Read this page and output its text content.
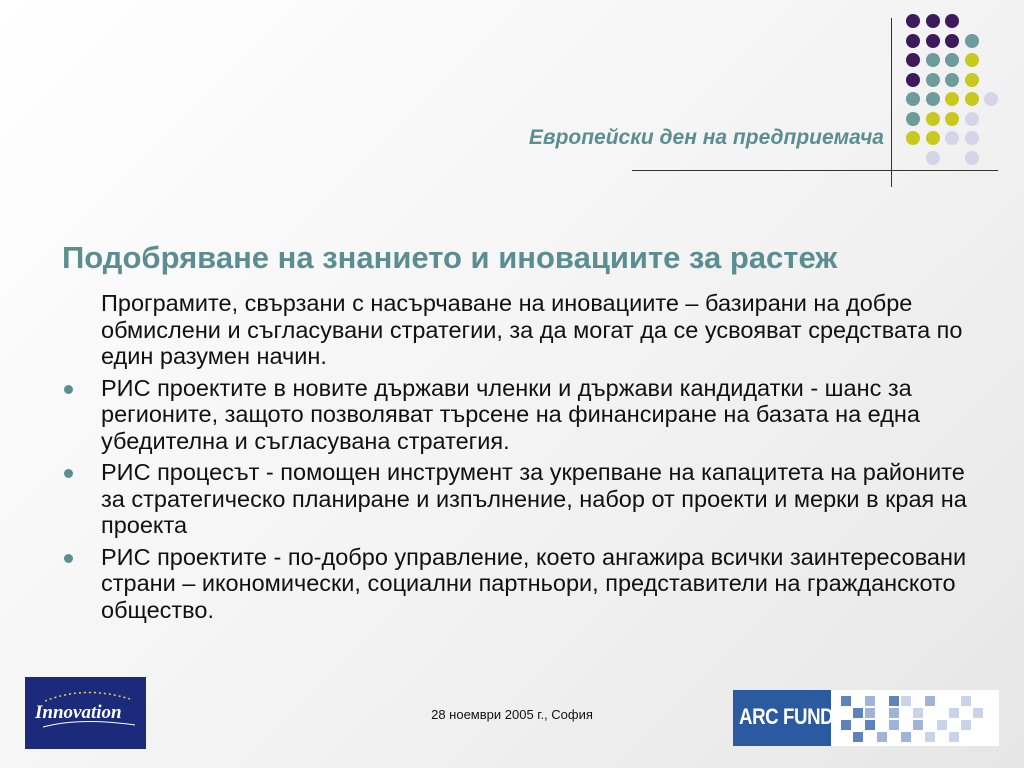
Европейски ден на предприемача
Подобряване на знанието и иновациите за растеж
Програмите, свързани с насърчаване на иновациите – базирани на добре обмислени и съгласувани стратегии, за да могат да се усвояват средствата по един разумен начин.
РИС проектите в новите държави членки и държави кандидатки - шанс за регионите, защото позволяват търсене на финансиране на базата на една убедителна и съгласувана стратегия.
РИС процесът - помощен инструмент за укрепване на капацитета на районите за стратегическо планиране и изпълнение, набор от проекти и мерки в края на проекта
РИС проектите - по-добро управление, което ангажира всички заинтересовани страни – икономически, социални партньори, представители на гражданското общество.
Innovation	28 ноември 2005 г., София	ARC FUND
